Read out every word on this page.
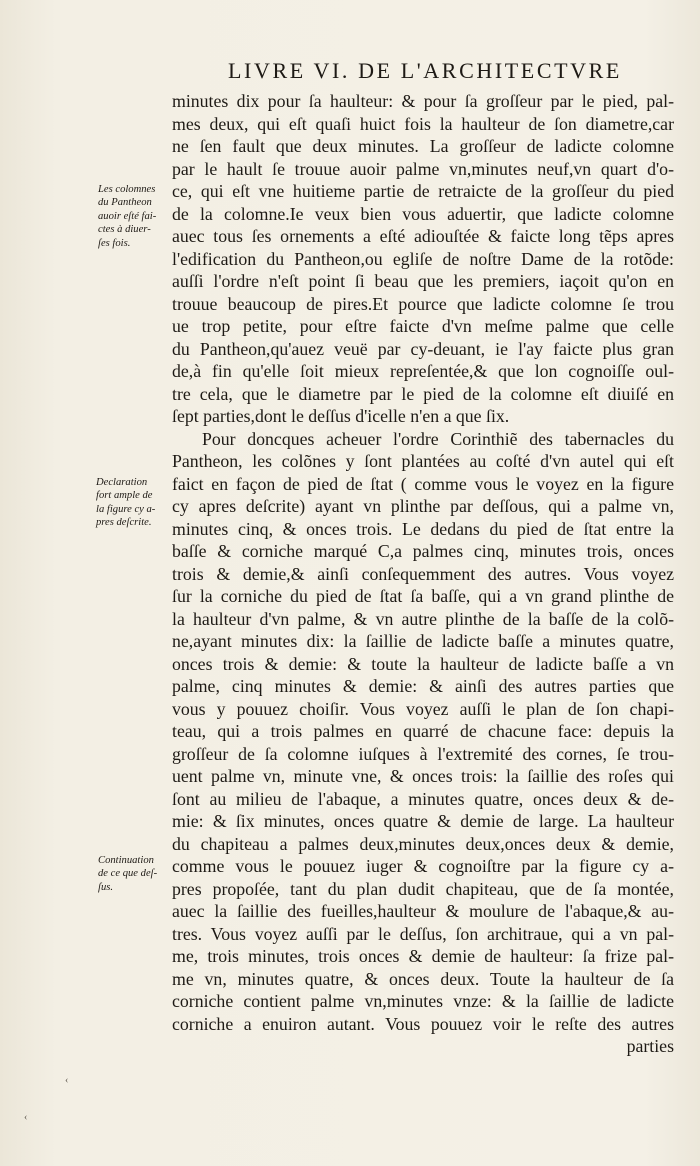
LIVRE VI. DE L'ARCHITECTVRE
minutes dix pour ſa haulteur: & pour ſa groſſeur par le pied, pal-
mes deux, qui eſt quaſi huict fois la haulteur de ſon diametre,car
ne ſen fault que deux minutes. La groſſeur de ladicte colomne
par le hault ſe trouue auoir palme vn,minutes neuf,vn quart d'o-
ce, qui eſt vne huitieme partie de retraicte de la groſſeur du pied
de la colomne.Ie veux bien vous aduertir, que ladicte colomne
auec tous ſes ornements a eſté adiouſtée & faicte long tẽps apres
l'edification du Pantheon,ou egliſe de noſtre Dame de la rotõde:
auſſi l'ordre n'eſt point ſi beau que les premiers, iaçoit qu'on en
trouue beaucoup de pires.Et pource que ladicte colomne ſe trou
ue trop petite, pour eſtre faicte d'vn meſme palme que celle
du Pantheon,qu'auez veuë par cy-deuant, ie l'ay faicte plus gran
de,à fin qu'elle ſoit mieux repreſentée,& que lon cognoiſſe oul-
tre cela, que le diametre par le pied de la colomne eſt diuiſé en
ſept parties,dont le deſſus d'icelle n'en a que ſix.
Pour doncques acheuer l'ordre Corinthiẽ des tabernacles du
Pantheon, les colõnes y ſont plantées au coſté d'vn autel qui eſt
faict en façon de pied de ſtat ( comme vous le voyez en la figure
cy apres deſcrite) ayant vn plinthe par deſſous, qui a palme vn,
minutes cinq, & onces trois. Le dedans du pied de ſtat entre la
baſſe & corniche marqué C,a palmes cinq, minutes trois, onces
trois & demie,& ainſi conſequemment des autres. Vous voyez
ſur la corniche du pied de ſtat ſa baſſe, qui a vn grand plinthe de
la haulteur d'vn palme, & vn autre plinthe de la baſſe de la colõ-
ne,ayant minutes dix: la ſaillie de ladicte baſſe a minutes quatre,
onces trois & demie: & toute la haulteur de ladicte baſſe a vn
palme, cinq minutes & demie: & ainſi des autres parties que
vous y pouuez choiſir. Vous voyez auſſi le plan de ſon chapi-
teau, qui a trois palmes en quarré de chacune face: depuis la
groſſeur de ſa colomne iuſques à l'extremité des cornes, ſe trou-
uent palme vn, minute vne, & onces trois: la ſaillie des roſes qui
ſont au milieu de l'abaque, a minutes quatre, onces deux & de-
mie: & ſix minutes, onces quatre & demie de large. La haulteur
du chapiteau a palmes deux,minutes deux,onces deux & demie,
comme vous le pouuez iuger & cognoiſtre par la figure cy a-
pres propoſée, tant du plan dudit chapiteau, que de ſa montée,
auec la ſaillie des fueilles,haulteur & moulure de l'abaque,& au-
tres. Vous voyez auſſi par le deſſus, ſon architraue, qui a vn pal-
me, trois minutes, trois onces & demie de haulteur: ſa frize pal-
me vn, minutes quatre, & onces deux. Toute la haulteur de ſa
corniche contient palme vn,minutes vnze: & la ſaillie de ladicte
corniche a enuiron autant. Vous pouuez voir le reſte des autres
parties
Les colomnes
du Pantheon
auoir eſté fai-
ctes à diuer-
ſes fois.
Declaration
fort ample de
la figure cy a-
pres deſcrite.
Continuation
de ce que deſ-
ſus.
‹
‹
